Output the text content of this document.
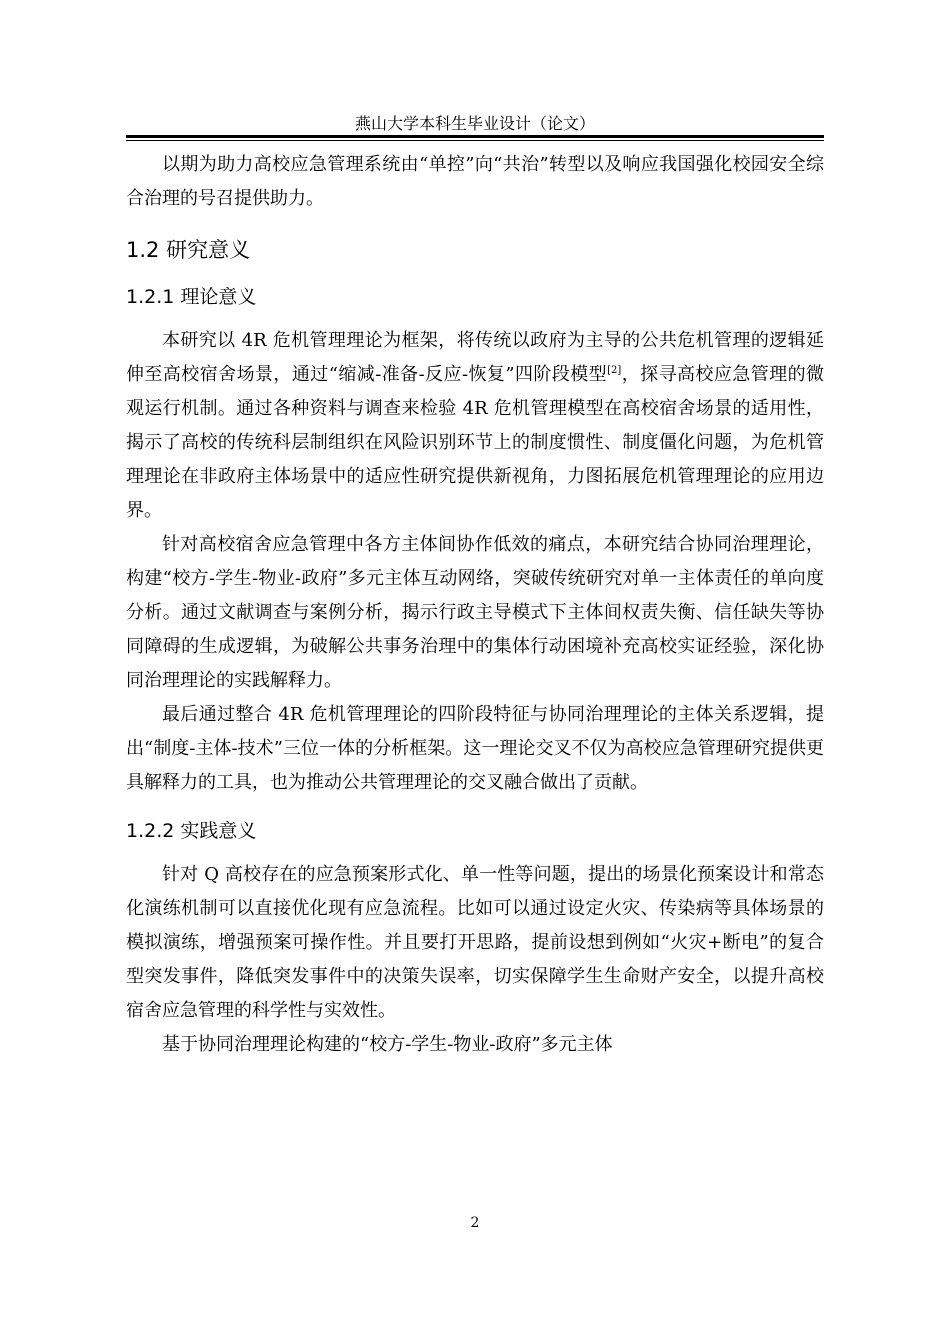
燕山大学本科生毕业设计（论文）

以期为助力高校应急管理系统由“单控”向“共治”转型以及响应我国强化校园安全综合治理的号召提供助力。

1.2 研究意义
1.2.1 理论意义

本研究以 4R 危机管理理论为框架，将传统以政府为主导的公共危机管理的逻辑延伸至高校宿舍场景，通过“缩减-准备-反应-恢复”四阶段模型[2]，探寻高校应急管理的微观运行机制。通过各种资料与调查来检验 4R 危机管理模型在高校宿舍场景的适用性，揭示了高校的传统科层制组织在风险识别环节上的制度惯性、制度僵化问题，为危机管理理论在非政府主体场景中的适应性研究提供新视角，力图拓展危机管理理论的应用边界。

针对高校宿舍应急管理中各方主体间协作低效的痛点，本研究结合协同治理理论，构建“校方-学生-物业-政府”多元主体互动网络，突破传统研究对单一主体责任的单向度分析。通过文献调查与案例分析，揭示行政主导模式下主体间权责失衡、信任缺失等协同障碍的生成逻辑，为破解公共事务治理中的集体行动困境补充高校实证经验，深化协同治理理论的实践解释力。

最后通过整合 4R 危机管理理论的四阶段特征与协同治理理论的主体关系逻辑，提出“制度-主体-技术”三位一体的分析框架。这一理论交叉不仅为高校应急管理研究提供更具解释力的工具，也为推动公共管理理论的交叉融合做出了贡献。

1.2.2 实践意义

针对 Q 高校存在的应急预案形式化、单一性等问题，提出的场景化预案设计和常态化演练机制可以直接优化现有应急流程。比如可以通过设定火灾、传染病等具体场景的模拟演练，增强预案可操作性。并且要打开思路，提前设想到例如“火灾+断电”的复合型突发事件，降低突发事件中的决策失误率，切实保障学生生命财产安全，以提升高校宿舍应急管理的科学性与实效性。

基于协同治理理论构建的“校方-学生-物业-政府”多元主体

2
